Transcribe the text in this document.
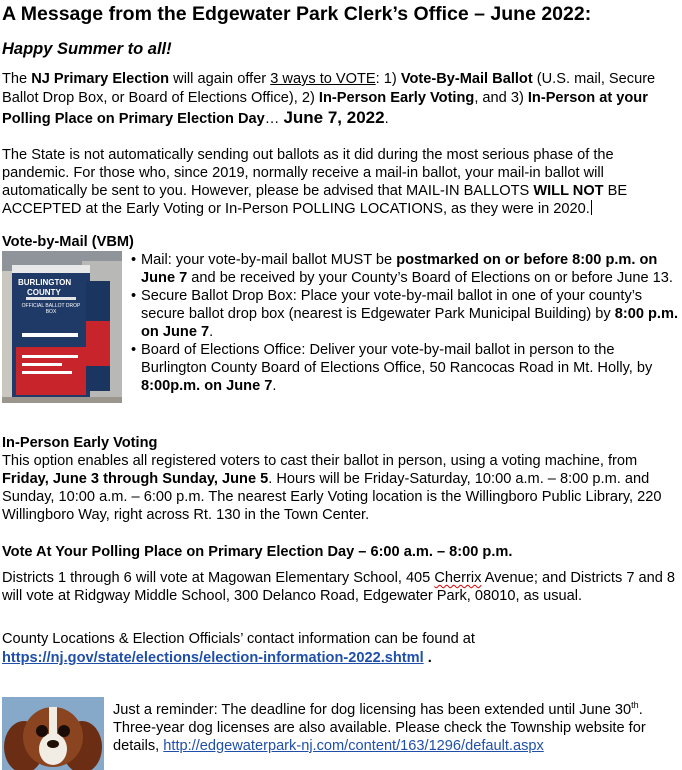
A Message from the Edgewater Park Clerk’s Office – June 2022:

Happy Summer to all!

The NJ Primary Election will again offer 3 ways to VOTE: 1) Vote-By-Mail Ballot (U.S. mail, Secure Ballot Drop Box, or Board of Elections Office), 2) In-Person Early Voting, and 3) In-Person at your Polling Place on Primary Election Day… June 7, 2022.

The State is not automatically sending out ballots as it did during the most serious phase of the pandemic. For those who, since 2019, normally receive a mail-in ballot, your mail-in ballot will automatically be sent to you. However, please be advised that MAIL-IN BALLOTS WILL NOT BE ACCEPTED at the Early Voting or In-Person POLLING LOCATIONS, as they were in 2020.

Vote-by-Mail (VBM)

BURLINGTON
COUNTY
OFFICIAL BALLOT DROP BOX
• Mail: your vote-by-mail ballot MUST be postmarked on or before 8:00 p.m. on June 7 and be received by your County’s Board of Elections on or before June 13.
• Secure Ballot Drop Box: Place your vote-by-mail ballot in one of your county’s secure ballot drop box (nearest is Edgewater Park Municipal Building) by 8:00 p.m. on June 7.
• Board of Elections Office: Deliver your vote-by-mail ballot in person to the Burlington County Board of Elections Office, 50 Rancocas Road in Mt. Holly, by 8:00p.m. on June 7.

In-Person Early Voting

This option enables all registered voters to cast their ballot in person, using a voting machine, from Friday, June 3 through Sunday, June 5. Hours will be Friday-Saturday, 10:00 a.m. – 8:00 p.m. and Sunday, 10:00 a.m. – 6:00 p.m. The nearest Early Voting location is the Willingboro Public Library, 220 Willingboro Way, right across Rt. 130 in the Town Center.

Vote At Your Polling Place on Primary Election Day – 6:00 a.m. – 8:00 p.m.

Districts 1 through 6 will vote at Magowan Elementary School, 405 Cherrix Avenue; and Districts 7 and 8 will vote at Ridgway Middle School, 300 Delanco Road, Edgewater Park, 08010, as usual.

County Locations & Election Officials’ contact information can be found at

https://nj.gov/state/elections/election-information-2022.shtml .

Just a reminder: The deadline for dog licensing has been extended until June 30th. Three-year dog licenses are also available. Please check the Township website for details, http://edgewaterpark-nj.com/content/163/1296/default.aspx
